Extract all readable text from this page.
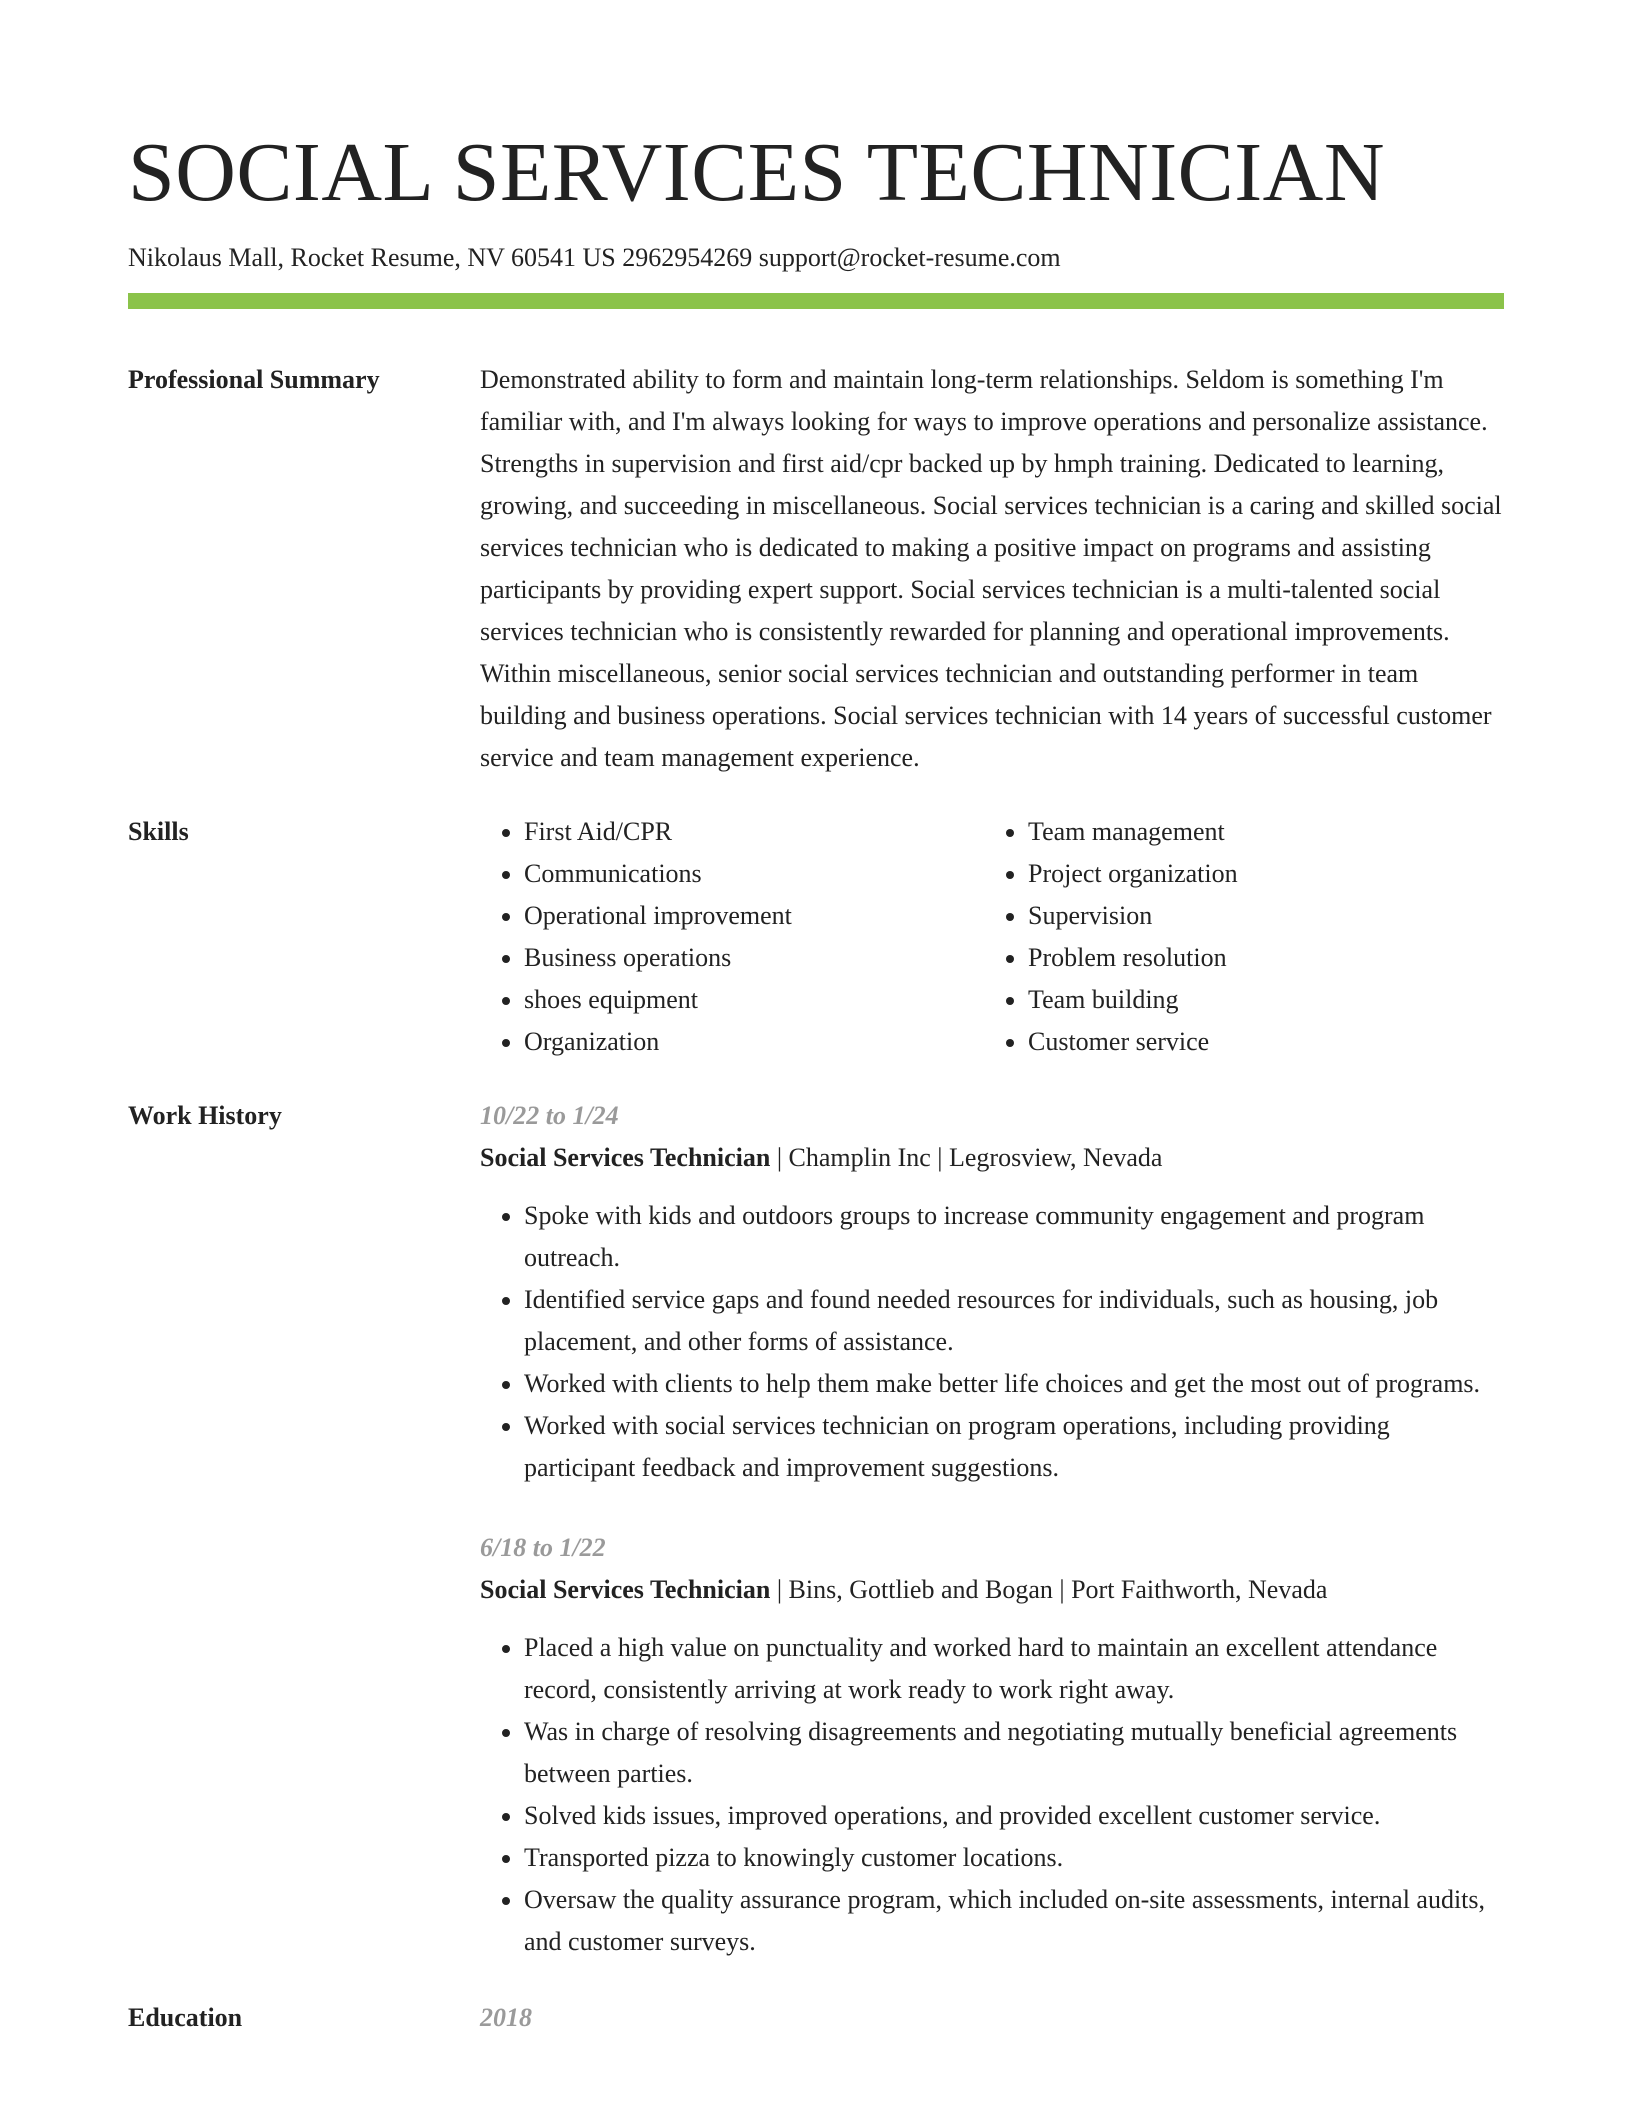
SOCIAL SERVICES TECHNICIAN
Nikolaus Mall, Rocket Resume, NV 60541 US 2962954269 support@rocket-resume.com
Professional Summary	Demonstrated ability to form and maintain long-term relationships. Seldom is something I'm familiar with, and I'm always looking for ways to improve operations and personalize assistance. Strengths in supervision and first aid/cpr backed up by hmph training. Dedicated to learning, growing, and succeeding in miscellaneous. Social services technician is a caring and skilled social services technician who is dedicated to making a positive impact on programs and assisting participants by providing expert support. Social services technician is a multi-talented social services technician who is consistently rewarded for planning and operational improvements. Within miscellaneous, senior social services technician and outstanding performer in team building and business operations. Social services technician with 14 years of successful customer service and team management experience.
Skills
•	First Aid/CPR
• Communications
• Operational improvement
• Business operations
• shoes equipment
• Organization
• Team management
• Project organization
• Supervision
• Problem resolution
• Team building
• Customer service
Work History	10/22 to 1/24
Social Services Technician | Champlin Inc | Legrosview, Nevada
• Spoke with kids and outdoors groups to increase community engagement and program outreach.
• Identified service gaps and found needed resources for individuals, such as housing, job placement, and other forms of assistance.
• Worked with clients to help them make better life choices and get the most out of programs.
• Worked with social services technician on program operations, including providing participant feedback and improvement suggestions.
6/18 to 1/22
Social Services Technician | Bins, Gottlieb and Bogan | Port Faithworth, Nevada
• Placed a high value on punctuality and worked hard to maintain an excellent attendance record, consistently arriving at work ready to work right away.
• Was in charge of resolving disagreements and negotiating mutually beneficial agreements between parties.
• Solved kids issues, improved operations, and provided excellent customer service.
• Transported pizza to knowingly customer locations.
• Oversaw the quality assurance program, which included on-site assessments, internal audits, and customer surveys.
Education	2018
